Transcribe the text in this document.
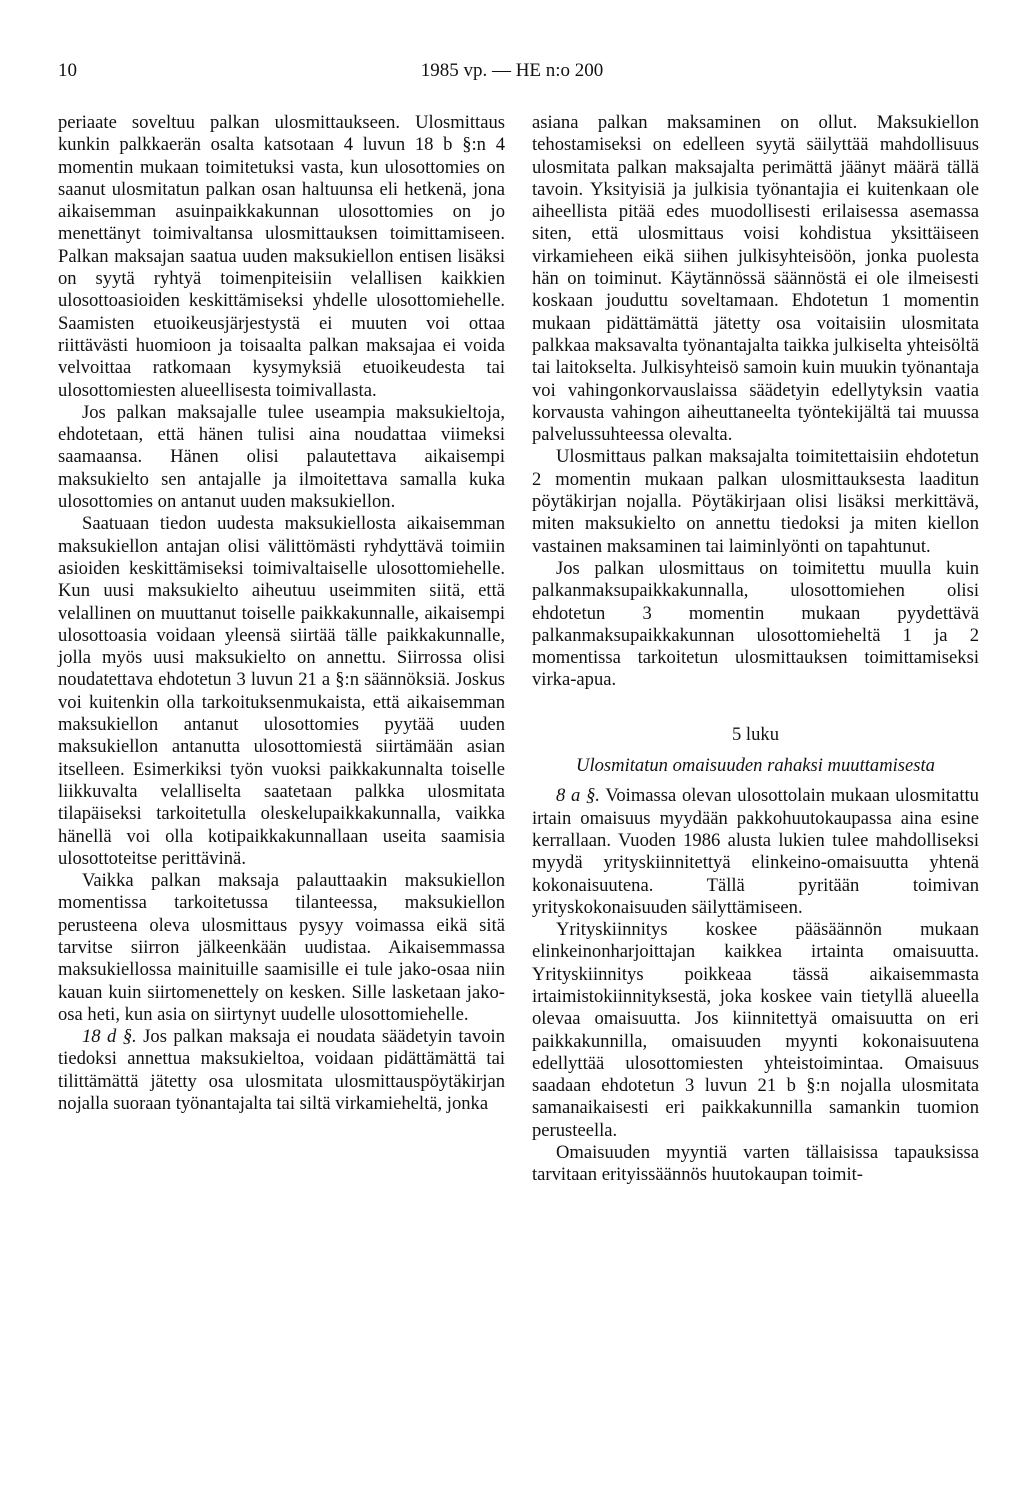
10	1985 vp. — HE n:o 200

periaate soveltuu palkan ulosmittaukseen. Ulosmittaus kunkin palkkaerän osalta katsotaan 4 luvun 18 b §:n 4 momentin mukaan toimitetuksi vasta, kun ulosottomies on saanut ulosmitatun palkan osan haltuunsa eli hetkenä, jona aikaisemman asuinpaikkakunnan ulosottomies on jo menettänyt toimivaltansa ulosmittauksen toimittamiseen. Palkan maksajan saatua uuden maksukiellon entisen lisäksi on syytä ryhtyä toimenpiteisiin velallisen kaikkien ulosottoasioiden keskittämiseksi yhdelle ulosottomiehelle. Saamisten etuoikeusjärjestystä ei muuten voi ottaa riittävästi huomioon ja toisaalta palkan maksajaa ei voida velvoittaa ratkomaan kysymyksiä etuoikeudesta tai ulosottomiesten alueellisesta toimivallasta.

Jos palkan maksajalle tulee useampia maksukieltoja, ehdotetaan, että hänen tulisi aina noudattaa viimeksi saamaansa. Hänen olisi palautettava aikaisempi maksukielto sen antajalle ja ilmoitettava samalla kuka ulosottomies on antanut uuden maksukiellon.

Saatuaan tiedon uudesta maksukiellosta aikaisemman maksukiellon antajan olisi välittömästi ryhdyttävä toimiin asioiden keskittämiseksi toimivaltaiselle ulosottomiehelle. Kun uusi maksukielto aiheutuu useimmiten siitä, että velallinen on muuttanut toiselle paikkakunnalle, aikaisempi ulosottoasia voidaan yleensä siirtää tälle paikkakunnalle, jolla myös uusi maksukielto on annettu. Siirrossa olisi noudatettava ehdotetun 3 luvun 21 a §:n säännöksiä. Joskus voi kuitenkin olla tarkoituksenmukaista, että aikaisemman maksukiellon antanut ulosottomies pyytää uuden maksukiellon antanutta ulosottomiestä siirtämään asian itselleen. Esimerkiksi työn vuoksi paikkakunnalta toiselle liikkuvalta velalliselta saatetaan palkka ulosmitata tilapäiseksi tarkoitetulla oleskelupaikkakunnalla, vaikka hänellä voi olla kotipaikkakunnallaan useita saamisia ulosottoteitse perittävinä.

Vaikka palkan maksaja palauttaakin maksukiellon momentissa tarkoitetussa tilanteessa, maksukiellon perusteena oleva ulosmittaus pysyy voimassa eikä sitä tarvitse siirron jälkeenkään uudistaa. Aikaisemmassa maksukiellossa mainituille saamisille ei tule jako-osaa niin kauan kuin siirtomenettely on kesken. Sille lasketaan jako-osa heti, kun asia on siirtynyt uudelle ulosottomiehelle.

18 d §. Jos palkan maksaja ei noudata säädetyin tavoin tiedoksi annettua maksukieltoa, voidaan pidättämättä tai tilittämättä jätetty osa ulosmitata ulosmittauspöytäkirjan nojalla suoraan työnantajalta tai siltä virkamieheltä, jonka

asiana palkan maksaminen on ollut. Maksukiellon tehostamiseksi on edelleen syytä säilyttää mahdollisuus ulosmitata palkan maksajalta perimättä jäänyt määrä tällä tavoin. Yksityisiä ja julkisia työnantajia ei kuitenkaan ole aiheellista pitää edes muodollisesti erilaisessa asemassa siten, että ulosmittaus voisi kohdistua yksittäiseen virkamieheen eikä siihen julkisyhteisöön, jonka puolesta hän on toiminut. Käytännössä säännöstä ei ole ilmeisesti koskaan jouduttu soveltamaan. Ehdotetun 1 momentin mukaan pidättämättä jätetty osa voitaisiin ulosmitata palkkaa maksavalta työnantajalta taikka julkiselta yhteisöltä tai laitokselta. Julkisyhteisö samoin kuin muukin työnantaja voi vahingonkorvauslaissa säädetyin edellytyksin vaatia korvausta vahingon aiheuttaneelta työntekijältä tai muussa palvelussuhteessa olevalta.

Ulosmittaus palkan maksajalta toimitettaisiin ehdotetun 2 momentin mukaan palkan ulosmittauksesta laaditun pöytäkirjan nojalla. Pöytäkirjaan olisi lisäksi merkittävä, miten maksukielto on annettu tiedoksi ja miten kiellon vastainen maksaminen tai laiminlyönti on tapahtunut.

Jos palkan ulosmittaus on toimitettu muulla kuin palkanmaksupaikkakunnalla, ulosottomiehen olisi ehdotetun 3 momentin mukaan pyydettävä palkanmaksupaikkakunnan ulosottomieheltä 1 ja 2 momentissa tarkoitetun ulosmittauksen toimittamiseksi virka-apua.

5 luku
Ulosmitatun omaisuuden rahaksi muuttamisesta

8 a §. Voimassa olevan ulosottolain mukaan ulosmitattu irtain omaisuus myydään pakkohuutokaupassa aina esine kerrallaan. Vuoden 1986 alusta lukien tulee mahdolliseksi myydä yrityskiinnitettyä elinkeino-omaisuutta yhtenä kokonaisuutena. Tällä pyritään toimivan yrityskokonaisuuden säilyttämiseen.

Yrityskiinnitys koskee pääsäännön mukaan elinkeinonharjoittajan kaikkea irtainta omaisuutta. Yrityskiinnitys poikkeaa tässä aikaisemmasta irtaimistokiinnityksestä, joka koskee vain tietyllä alueella olevaa omaisuutta. Jos kiinnitettyä omaisuutta on eri paikkakunnilla, omaisuuden myynti kokonaisuutena edellyttää ulosottomiesten yhteistoimintaa. Omaisuus saadaan ehdotetun 3 luvun 21 b §:n nojalla ulosmitata samanaikaisesti eri paikkakunnilla samankin tuomion perusteella.

Omaisuuden myyntiä varten tällaisissa tapauksissa tarvitaan erityissäännös huutokaupan toimit-
